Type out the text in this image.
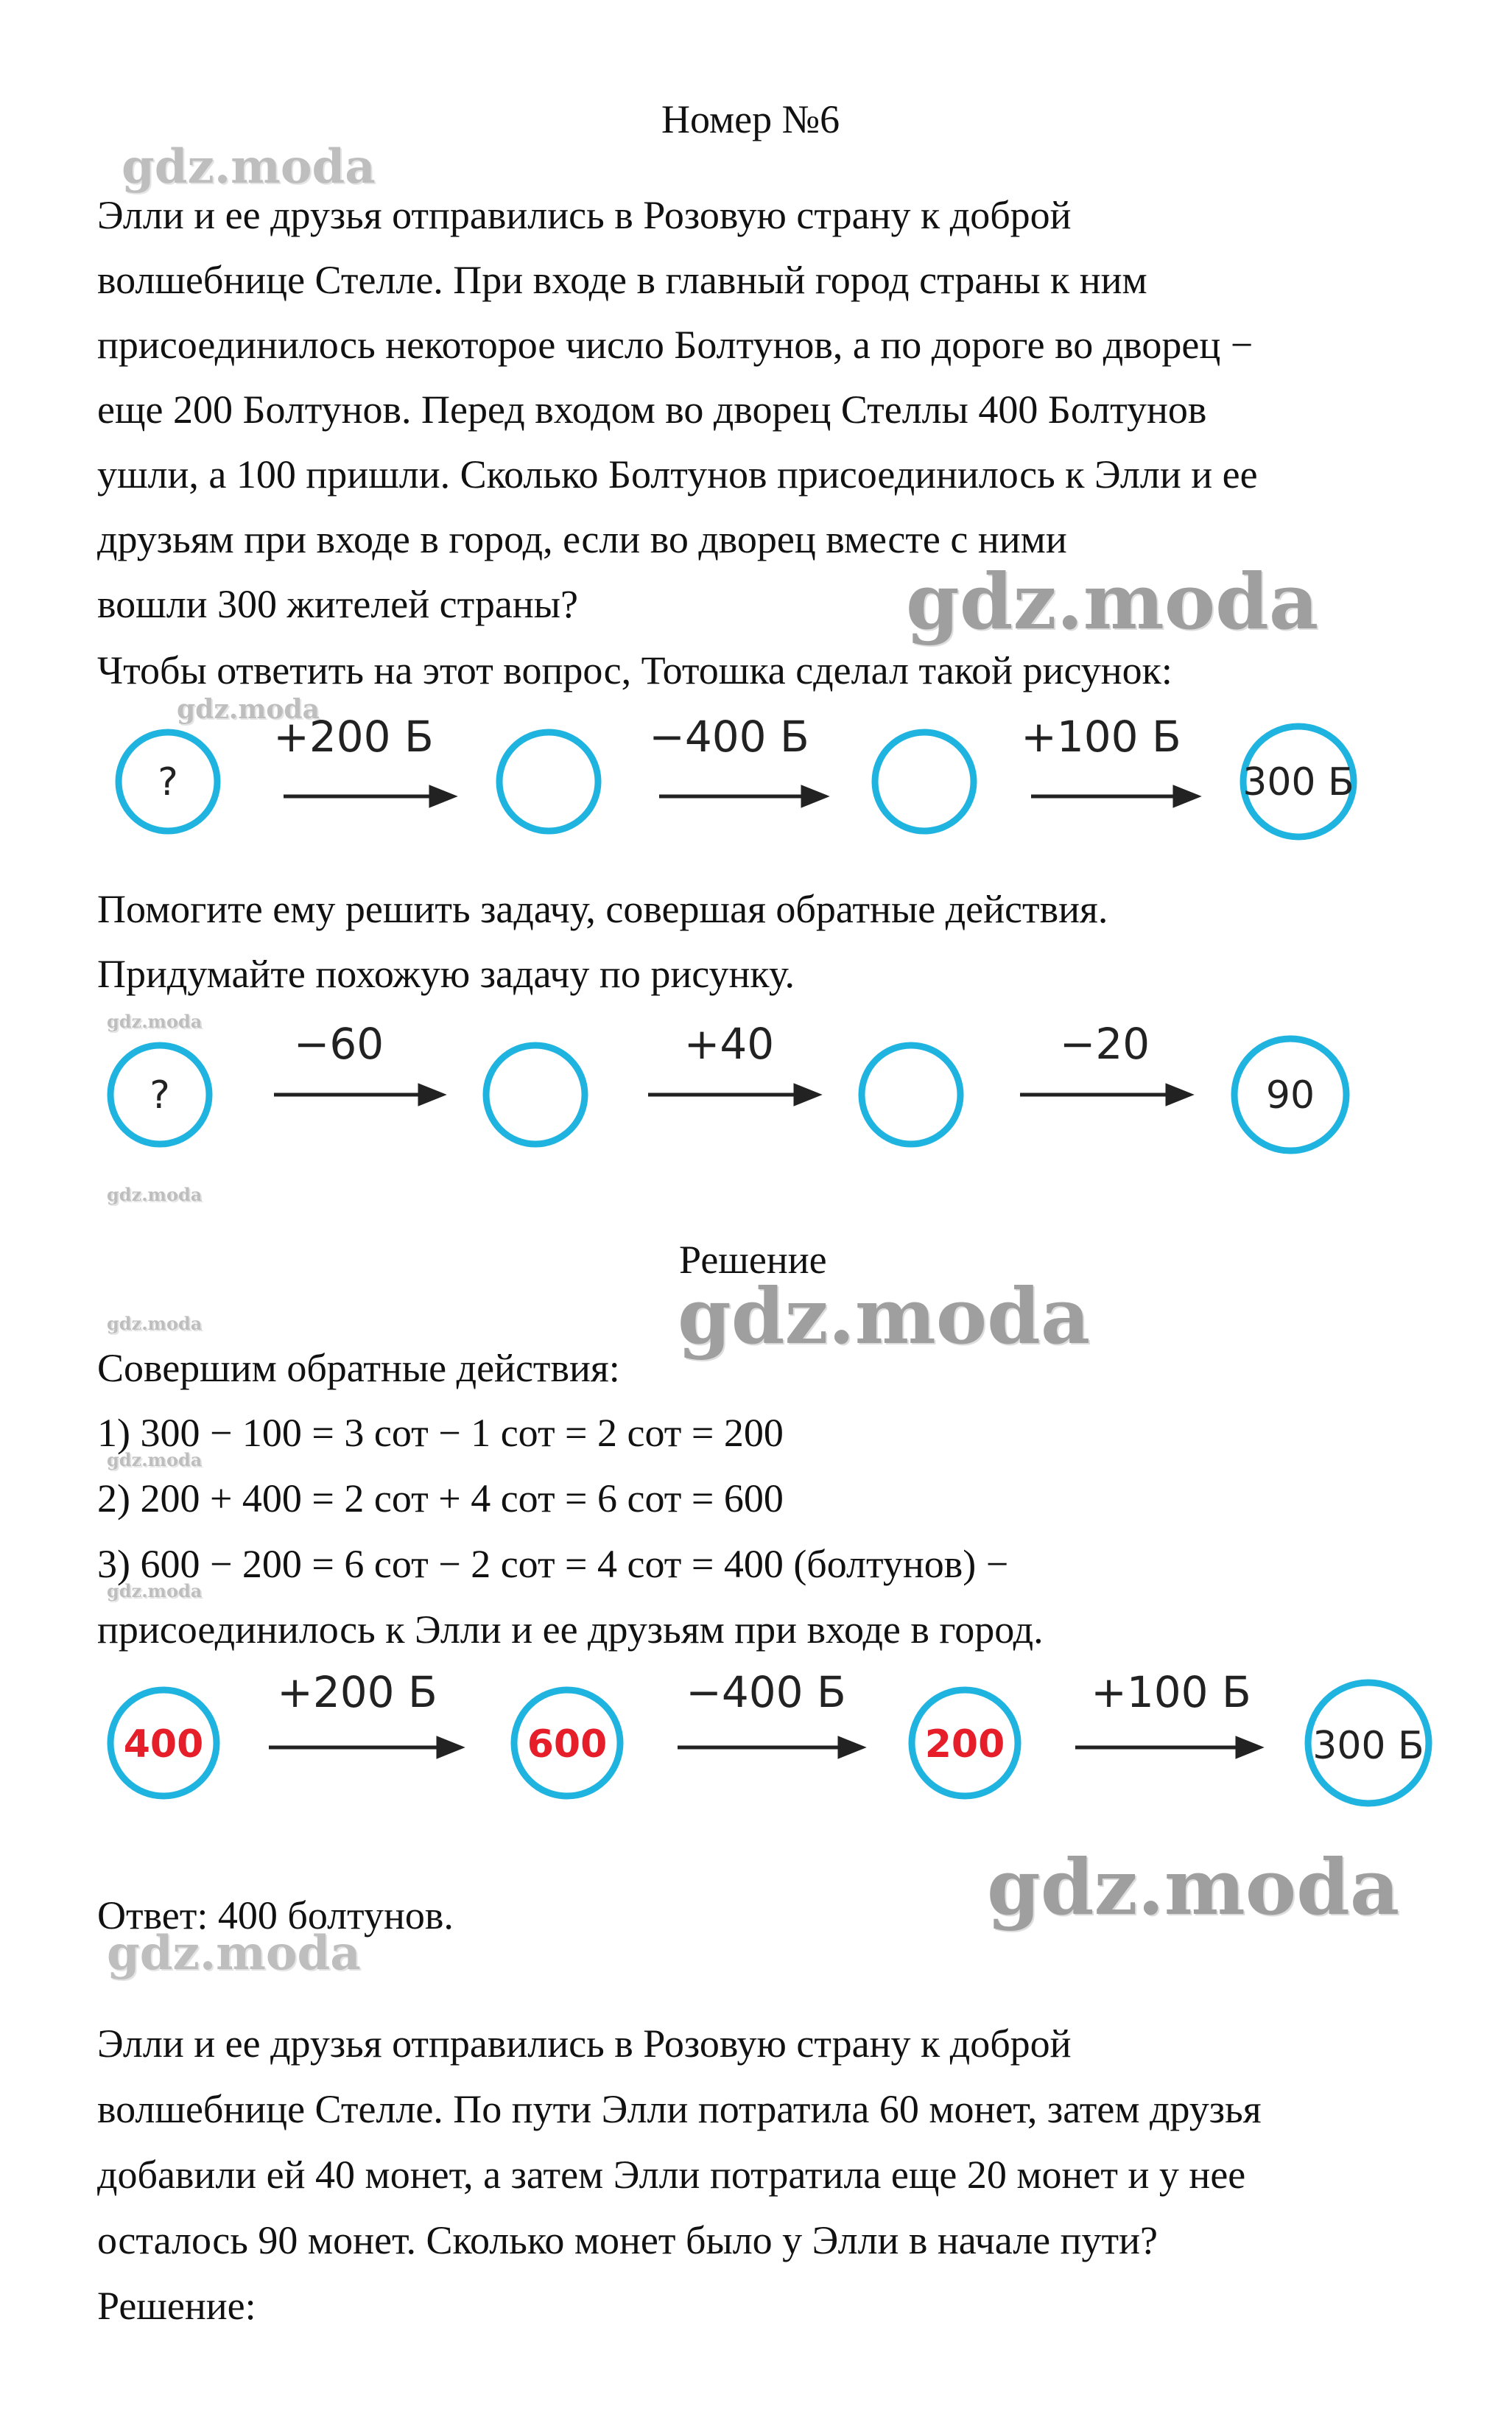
Номер №6
Элли и ее друзья отправились в Розовую страну к доброй
волшебнице Стелле. При входе в главный город страны к ним
присоединилось некоторое число Болтунов, а по дороге во дворец −
еще 200 Болтунов. Перед входом во дворец Стеллы 400 Болтунов
ушли, а 100 пришли. Сколько Болтунов присоединилось к Элли и ее
друзьям при входе в город, если во дворец вместе с ними
вошли 300 жителей страны?
Чтобы ответить на этот вопрос, Тотошка сделал такой рисунок:
?	300 Б
+200 Б	−400 Б	+100 Б
Помогите ему решить задачу, совершая обратные действия.
Придумайте похожую задачу по рисунку.
?	90
−60	+40	−20
Решение
Совершим обратные действия:
1) 300 − 100 = 3 сот − 1 сот = 2 сот = 200
2) 200 + 400 = 2 сот + 4 сот = 6 сот = 600
3) 600 − 200 = 6 сот − 2 сот = 4 сот = 400 (болтунов) −
присоединилось к Элли и ее друзьям при входе в город.
400	600	200	300 Б
+200 Б	−400 Б	+100 Б
Ответ: 400 болтунов.
Элли и ее друзья отправились в Розовую страну к доброй
волшебнице Стелле. По пути Элли потратила 60 монет, затем друзья
добавили ей 40 монет, а затем Элли потратила еще 20 монет и у нее
осталось 90 монет. Сколько монет было у Элли в начале пути?
Решение:
gdz.moda
gdz.moda
gdz.moda
gdz.moda
gdz.moda
gdz.moda
gdz.moda
gdz.moda
gdz.moda
gdz.moda
gdz.moda
